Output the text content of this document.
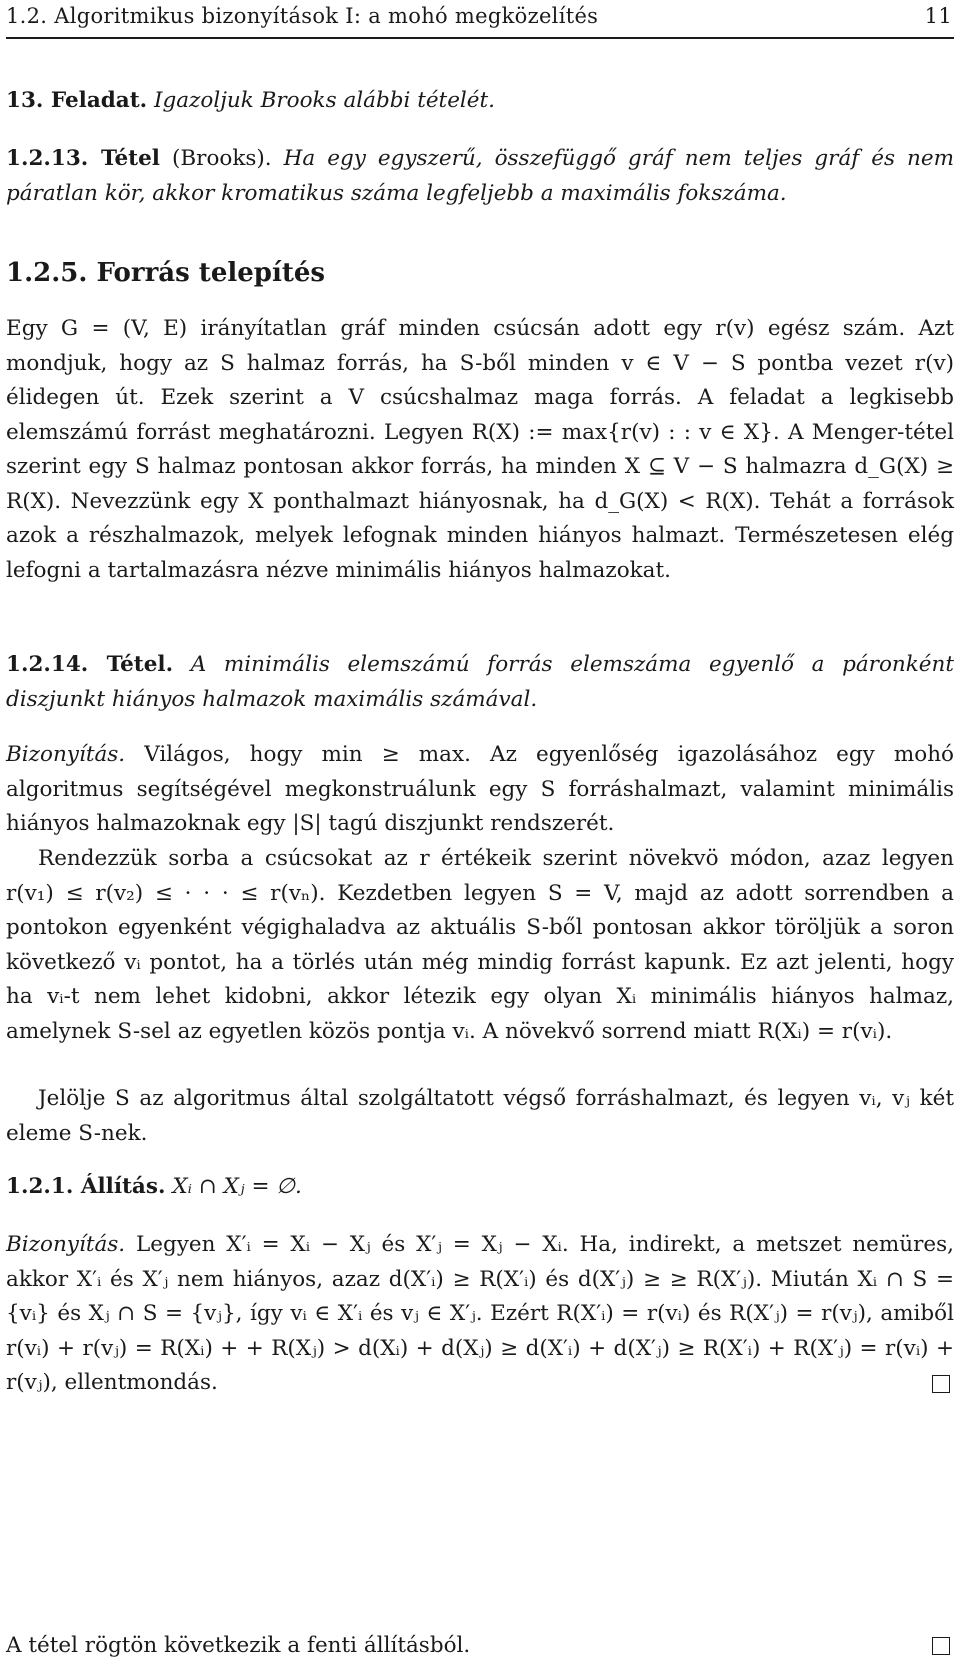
1.2. Algoritmikus bizonyítások I: a mohó megközelítés	11
13. Feladat. Igazoljuk Brooks alábbi tételét.
1.2.13. Tétel (Brooks). Ha egy egyszerű, összefüggő gráf nem teljes gráf és nem páratlan kör, akkor kromatikus száma legfeljebb a maximális fokszáma.
1.2.5. Forrás telepítés
Egy G = (V, E) irányítatlan gráf minden csúcsán adott egy r(v) egész szám. Azt mondjuk, hogy az S halmaz forrás, ha S-ből minden v ∈ V − S pontba vezet r(v) élidegen út. Ezek szerint a V csúcshalmaz maga forrás. A feladat a legkisebb elemszámú forrást meghatározni. Legyen R(X) := max{r(v) : : v ∈ X}. A Menger-tétel szerint egy S halmaz pontosan akkor forrás, ha minden X ⊆ V − S halmazra d_G(X) ≥ R(X). Nevezzünk egy X ponthalmazt hiányosnak, ha d_G(X) < R(X). Tehát a források azok a részhalmazok, melyek lefognak minden hiányos halmazt. Természetesen elég lefogni a tartalmazásra nézve minimális hiányos halmazokat.
1.2.14. Tétel. A minimális elemszámú forrás elemszáma egyenlő a páronként diszjunkt hiányos halmazok maximális számával.
Bizonyítás. Világos, hogy min ≥ max. Az egyenlőség igazolásához egy mohó algoritmus segítségével megkonstruálunk egy S forráshalmazt, valamint minimális hiányos halmazoknak egy |S| tagú diszjunkt rendszerét.
Rendezzük sorba a csúcsokat az r értékeik szerint növekvö módon, azaz legyen r(v₁) ≤ r(v₂) ≤ · · · ≤ r(vₙ). Kezdetben legyen S = V, majd az adott sorrendben a pontokon egyenként végighaladva az aktuális S-ből pontosan akkor töröljük a soron következő vᵢ pontot, ha a törlés után még mindig forrást kapunk. Ez azt jelenti, hogy ha vᵢ-t nem lehet kidobni, akkor létezik egy olyan Xᵢ minimális hiányos halmaz, amelynek S-sel az egyetlen közös pontja vᵢ. A növekvő sorrend miatt R(Xᵢ) = r(vᵢ).
Jelölje S az algoritmus által szolgáltatott végső forráshalmazt, és legyen vᵢ, vⱼ két eleme S-nek.
1.2.1. Állítás. Xᵢ ∩ Xⱼ = ∅.
Bizonyítás. Legyen X′ᵢ = Xᵢ − Xⱼ és X′ⱼ = Xⱼ − Xᵢ. Ha, indirekt, a metszet nemüres, akkor X′ᵢ és X′ⱼ nem hiányos, azaz d(X′ᵢ) ≥ R(X′ᵢ) és d(X′ⱼ) ≥ ≥ R(X′ⱼ). Miután Xᵢ ∩ S = {vᵢ} és Xⱼ ∩ S = {vⱼ}, így vᵢ ∈ X′ᵢ és vⱼ ∈ X′ⱼ. Ezért R(X′ᵢ) = r(vᵢ) és R(X′ⱼ) = r(vⱼ), amiből r(vᵢ) + r(vⱼ) = R(Xᵢ) + + R(Xⱼ) > d(Xᵢ) + d(Xⱼ) ≥ d(X′ᵢ) + d(X′ⱼ) ≥ R(X′ᵢ) + R(X′ⱼ) = r(vᵢ) + r(vⱼ), ellentmondás.
A tétel rögtön következik a fenti állításból.
